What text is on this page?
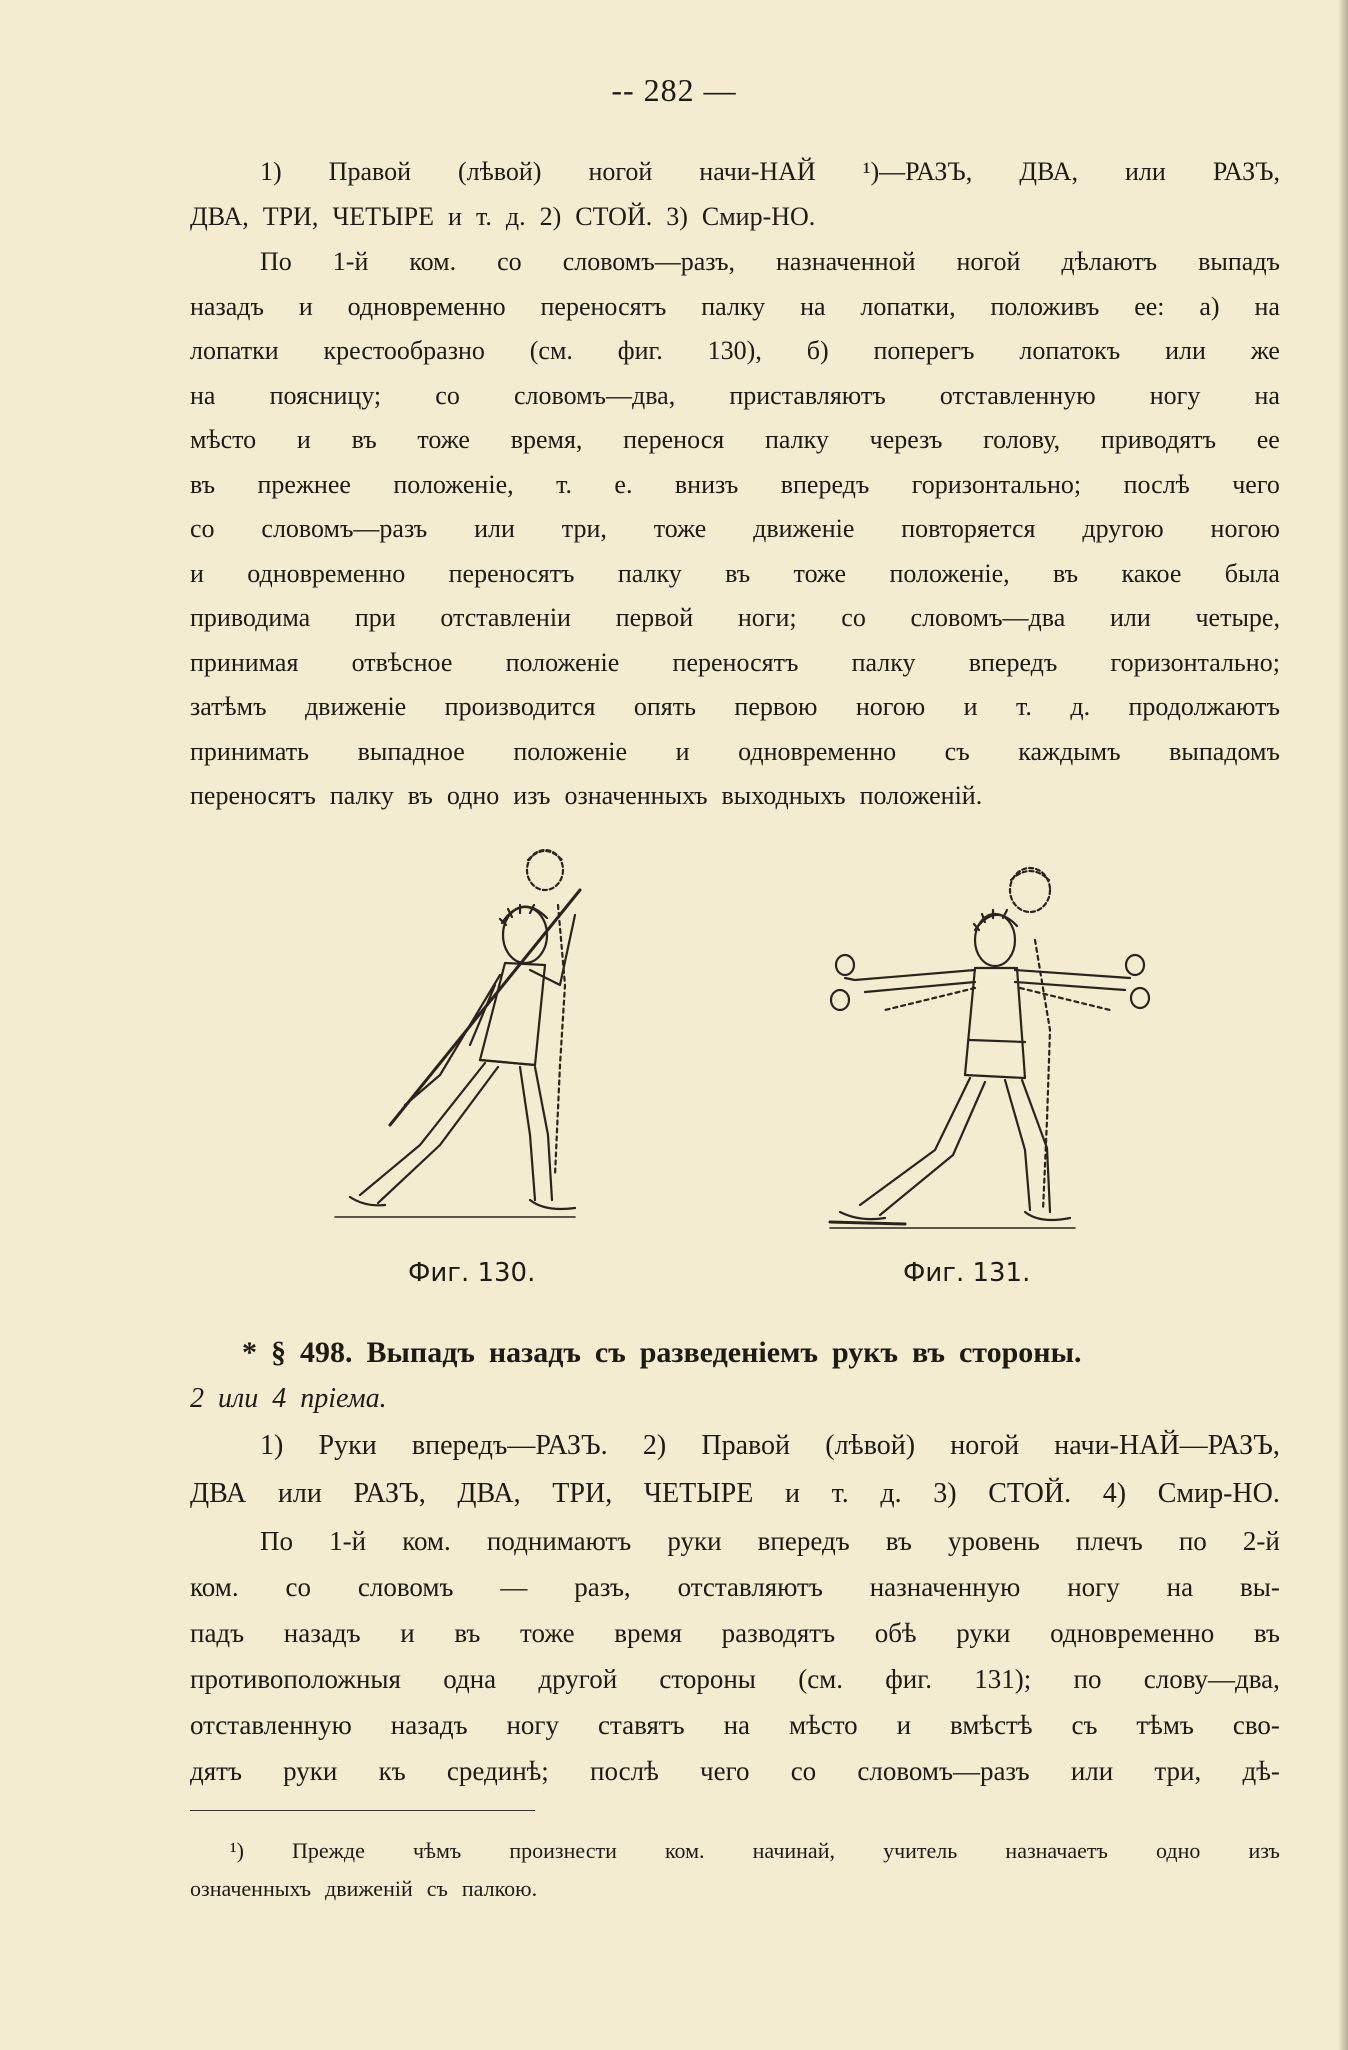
-- 282 —
1) Правой (лѣвой) ногой начи-НАЙ ¹)—РАЗЪ, ДВА, или РАЗЪ,
ДВА, ТРИ, ЧЕТЫРЕ и т. д. 2) СТОЙ. 3) Смир-НО.
По 1-й ком. со словомъ—разъ, назначенной ногой дѣлаютъ выпадъ
назадъ и одновременно переносятъ палку на лопатки, положивъ ее: а) на
лопатки крестообразно (см. фиг. 130), б) поперегъ лопатокъ или же
на поясницу; со словомъ—два, приставляютъ отставленную ногу на
мѣсто и въ тоже время, перенося палку черезъ голову, приводятъ ее
въ прежнее положеніе, т. е. внизъ впередъ горизонтально; послѣ чего
со словомъ—разъ или три, тоже движеніе повторяется другою ногою
и одновременно переносятъ палку въ тоже положеніе, въ какое была
приводима при отставленіи первой ноги; со словомъ—два или четыре,
принимая отвѣсное положеніе переносятъ палку впередъ горизонтально;
затѣмъ движеніе производится опять первою ногою и т. д. продолжаютъ
принимать выпадное положеніе и одновременно съ каждымъ выпадомъ
переносятъ палку въ одно изъ означенныхъ выходныхъ положеній.
Фиг. 130.	Фиг. 131.
* § 498. Выпадъ назадъ съ разведеніемъ рукъ въ стороны.
2 или 4 пріема.
1) Руки впередъ—РАЗЪ. 2) Правой (лѣвой) ногой начи-НАЙ—РАЗЪ,
ДВА или РАЗЪ, ДВА, ТРИ, ЧЕТЫРЕ и т. д. 3) СТОЙ. 4) Смир-НО.
По 1-й ком. поднимаютъ руки впередъ въ уровень плечъ по 2-й
ком. со словомъ — разъ, отставляютъ назначенную ногу на вы-
падъ назадъ и въ тоже время разводятъ обѣ руки одновременно въ
противоположныя одна другой стороны (см. фиг. 131); по слову—два,
отставленную назадъ ногу ставятъ на мѣсто и вмѣстѣ съ тѣмъ сво-
дятъ руки къ срединѣ; послѣ чего со словомъ—разъ или три, дѣ-
¹) Прежде чѣмъ произнести ком. начинай, учитель назначаетъ одно изъ
означенныхъ движеній съ палкою.
